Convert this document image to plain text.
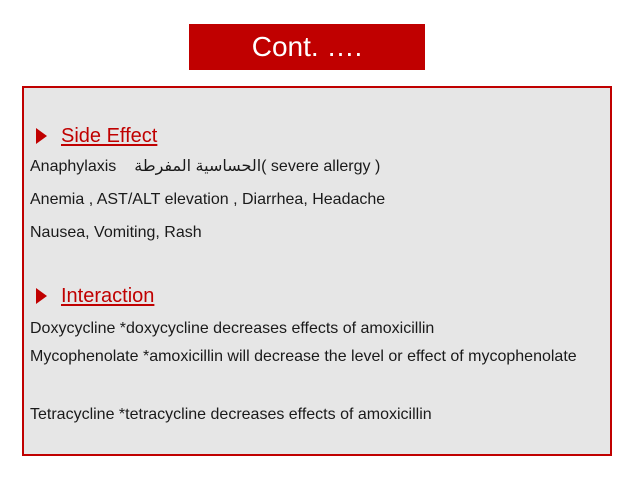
Cont. ….
Side Effect
Anaphylaxis الحساسية المفرطة( severe allergy )
Anemia , AST/ALT elevation , Diarrhea, Headache
Nausea, Vomiting, Rash
Interaction
Doxycycline *doxycycline decreases effects of amoxicillin
Mycophenolate *amoxicillin will decrease the level or effect of mycophenolate
Tetracycline *tetracycline decreases effects of amoxicillin
